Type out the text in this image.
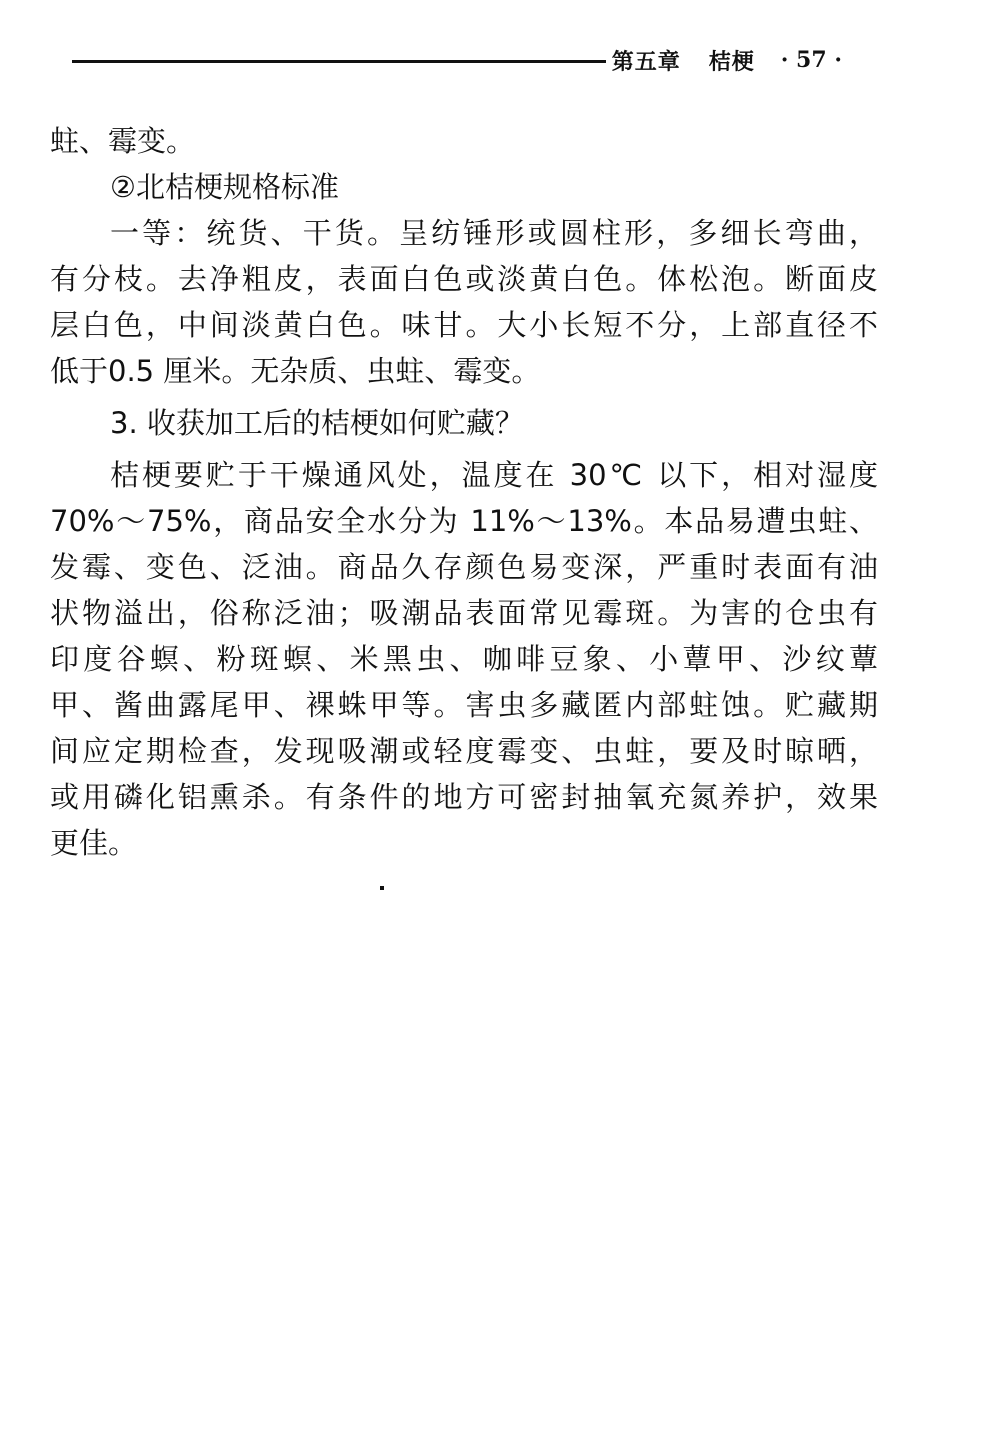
第五章 桔梗 · 57 ·
蛀、霉变。
②北桔梗规格标准
一等：统货、干货。呈纺锤形或圆柱形，多细长弯曲，
有分枝。去净粗皮，表面白色或淡黄白色。体松泡。断面皮
层白色，中间淡黄白色。味甘。大小长短不分，上部直径不
低于0.5 厘米。无杂质、虫蛀、霉变。
3. 收获加工后的桔梗如何贮藏？
桔梗要贮于干燥通风处，温度在 30℃ 以下，相对湿度
70%～75%，商品安全水分为 11%～13%。本品易遭虫蛀、
发霉、变色、泛油。商品久存颜色易变深，严重时表面有油
状物溢出，俗称泛油；吸潮品表面常见霉斑。为害的仓虫有
印度谷螟、粉斑螟、米黑虫、咖啡豆象、小蕈甲、沙纹蕈
甲、酱曲露尾甲、裸蛛甲等。害虫多藏匿内部蛀蚀。贮藏期
间应定期检查，发现吸潮或轻度霉变、虫蛀，要及时晾晒，
或用磷化铝熏杀。有条件的地方可密封抽氧充氮养护，效果
更佳。
